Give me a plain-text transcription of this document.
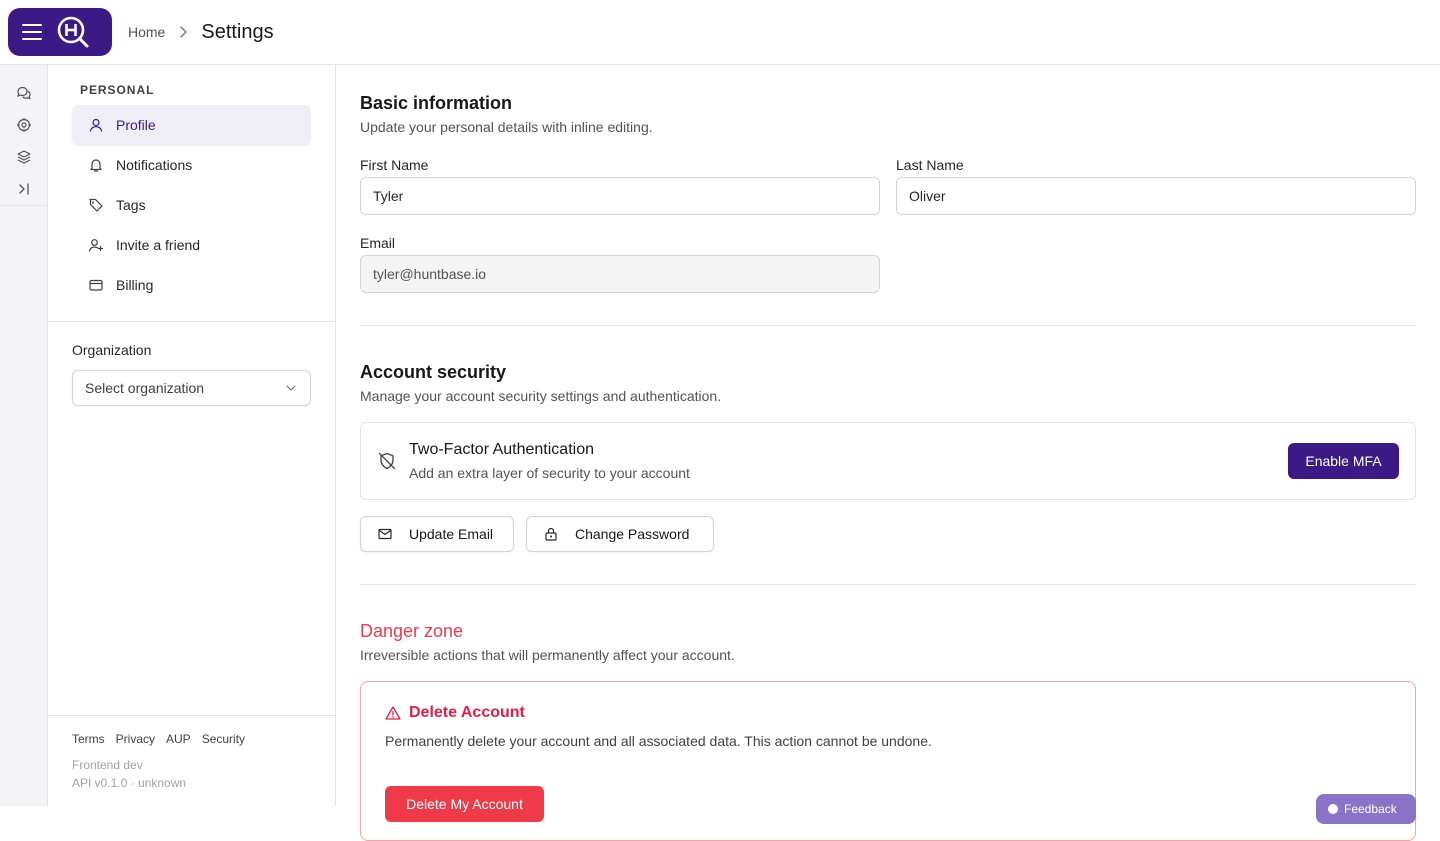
Home Settings
PERSONAL
Profile
Notifications
Tags
Invite a friend
Billing
Organization
Select organization
Terms Privacy AUP Security
Frontend dev
API v0.1.0 · unknown
Basic information
Update your personal details with inline editing.
First Name
Tyler
Last Name
Oliver
Email
tyler@huntbase.io
Account security
Manage your account security settings and authentication.
Two-Factor Authentication
Add an extra layer of security to your account
Enable MFA
Update Email	Change Password
Danger zone
Irreversible actions that will permanently affect your account.
Delete Account
Permanently delete your account and all associated data. This action cannot be undone.
Delete My Account	Feedback
